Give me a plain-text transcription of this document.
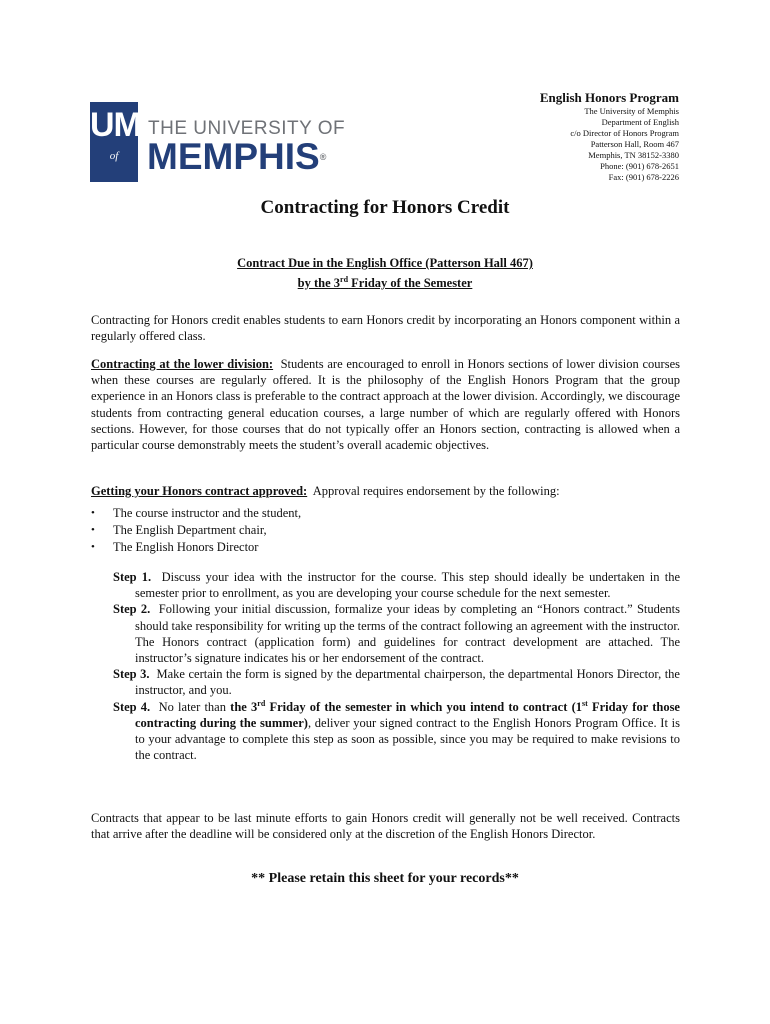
UM
of
THE UNIVERSITY OF
MEMPHIS®
English Honors Program
The University of Memphis
Department of English
c/o Director of Honors Program
Patterson Hall, Room 467
Memphis, TN 38152-3380
Phone: (901) 678-2651
Fax: (901) 678-2226
Contracting for Honors Credit
Contract Due in the English Office (Patterson Hall 467)
by the 3rd Friday of the Semester
Contracting for Honors credit enables students to earn Honors credit by incorporating an Honors component within a regularly offered class.
Contracting at the lower division:  Students are encouraged to enroll in Honors sections of lower division courses when these courses are regularly offered. It is the philosophy of the English Honors Program that the group experience in an Honors class is preferable to the contract approach at the lower division. Accordingly, we discourage students from contracting general education courses, a large number of which are regularly offered with Honors sections. However, for those courses that do not typically offer an Honors section, contracting is allowed when a particular course demonstrably meets the student’s overall academic objectives.
Getting your Honors contract approved:  Approval requires endorsement by the following:
• The course instructor and the student,
• The English Department chair,
• The English Honors Director

Step 1.  Discuss your idea with the instructor for the course. This step should ideally be undertaken in the semester prior to enrollment, as you are developing your course schedule for the next semester.

Step 2.  Following your initial discussion, formalize your ideas by completing an “Honors contract.” Students should take responsibility for writing up the terms of the contract following an agreement with the instructor. The Honors contract (application form) and guidelines for contract development are attached. The instructor’s signature indicates his or her endorsement of the contract.

Step 3.  Make certain the form is signed by the departmental chairperson, the departmental Honors Director, the instructor, and you.

Step 4.  No later than the 3rd Friday of the semester in which you intend to contract (1st Friday for those contracting during the summer), deliver your signed contract to the English Honors Program Office. It is to your advantage to complete this step as soon as possible, since you may be required to make revisions to the contract.

Contracts that appear to be last minute efforts to gain Honors credit will generally not be well received. Contracts that arrive after the deadline will be considered only at the discretion of the English Honors Director.
** Please retain this sheet for your records**
